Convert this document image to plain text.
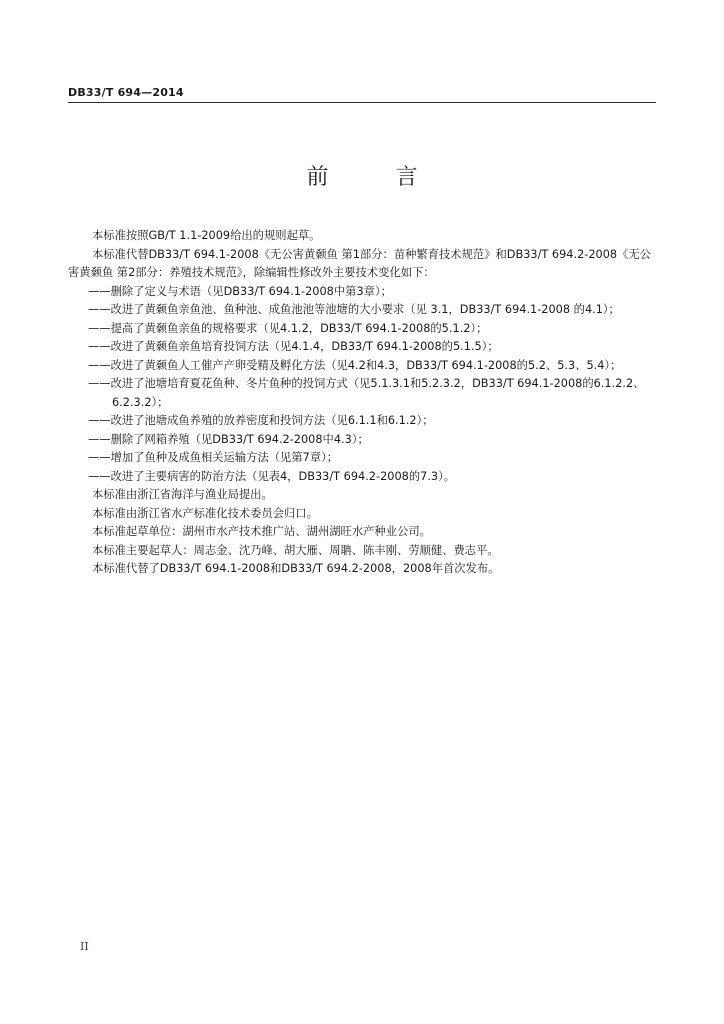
DB33/T 694—2014
前 言

本标准按照GB/T 1.1-2009给出的规则起草。

本标准代替DB33/T 694.1-2008《无公害黄颡鱼 第1部分：苗种繁育技术规范》和DB33/T 694.2-2008《无公害黄颡鱼 第2部分：养殖技术规范》，除编辑性修改外主要技术变化如下：

——删除了定义与术语（见DB33/T 694.1-2008中第3章）；

——改进了黄颡鱼亲鱼池、鱼种池、成鱼池池等池塘的大小要求（见 3.1，DB33/T 694.1-2008 的4.1）；

——提高了黄颡鱼亲鱼的规格要求（见4.1.2，DB33/T 694.1-2008的5.1.2）；

——改进了黄颡鱼亲鱼培育投饲方法（见4.1.4，DB33/T 694.1-2008的5.1.5）；

——改进了黄颡鱼人工催产产卵受精及孵化方法（见4.2和4.3，DB33/T 694.1-2008的5.2、5.3、5.4）；

——改进了池塘培育夏花鱼种、冬片鱼种的投饲方式（见5.1.3.1和5.2.3.2，DB33/T 694.1-2008的6.1.2.2、6.2.3.2）；

——改进了池塘成鱼养殖的放养密度和投饲方法（见6.1.1和6.1.2）；

——删除了网箱养殖（见DB33/T 694.2-2008中4.3）；

——增加了鱼种及成鱼相关运输方法（见第7章）；

——改进了主要病害的防治方法（见表4，DB33/T 694.2-2008的7.3）。

本标准由浙江省海洋与渔业局提出。

本标准由浙江省水产标准化技术委员会归口。

本标准起草单位：湖州市水产技术推广站、湖州湖旺水产种业公司。

本标准主要起草人：周志金、沈乃峰、胡大雁、周聃、陈丰刚、劳顺健、费志平。

本标准代替了DB33/T 694.1-2008和DB33/T 694.2-2008，2008年首次发布。

II
